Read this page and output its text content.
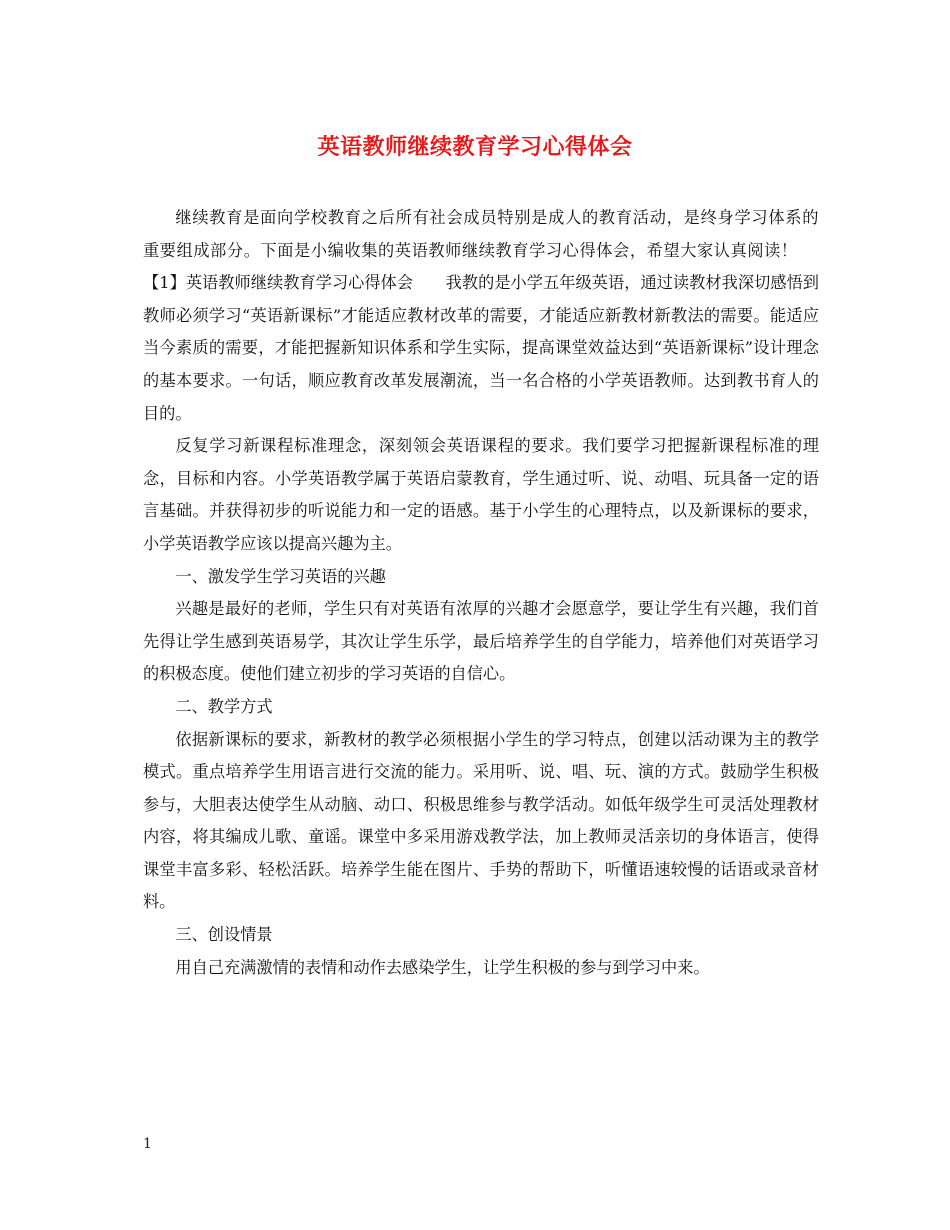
英语教师继续教育学习心得体会

继续教育是面向学校教育之后所有社会成员特别是成人的教育活动，是终身学习体系的重要组成部分。下面是小编收集的英语教师继续教育学习心得体会，希望大家认真阅读！

【1】英语教师继续教育学习心得体会　　我教的是小学五年级英语，通过读教材我深切感悟到教师必须学习“英语新课标”才能适应教材改革的需要，才能适应新教材新教法的需要。能适应当今素质的需要，才能把握新知识体系和学生实际，提高课堂效益达到“英语新课标”设计理念的基本要求。一句话，顺应教育改革发展潮流，当一名合格的小学英语教师。达到教书育人的目的。

反复学习新课程标准理念，深刻领会英语课程的要求。我们要学习把握新课程标准的理念，目标和内容。小学英语教学属于英语启蒙教育，学生通过听、说、动唱、玩具备一定的语言基础。并获得初步的听说能力和一定的语感。基于小学生的心理特点，以及新课标的要求，小学英语教学应该以提高兴趣为主。

一、激发学生学习英语的兴趣

兴趣是最好的老师，学生只有对英语有浓厚的兴趣才会愿意学，要让学生有兴趣，我们首先得让学生感到英语易学，其次让学生乐学，最后培养学生的自学能力，培养他们对英语学习的积极态度。使他们建立初步的学习英语的自信心。

二、教学方式

依据新课标的要求，新教材的教学必须根据小学生的学习特点，创建以活动课为主的教学模式。重点培养学生用语言进行交流的能力。采用听、说、唱、玩、演的方式。鼓励学生积极参与，大胆表达使学生从动脑、动口、积极思维参与教学活动。如低年级学生可灵活处理教材内容，将其编成儿歌、童谣。课堂中多采用游戏教学法，加上教师灵活亲切的身体语言，使得课堂丰富多彩、轻松活跃。培养学生能在图片、手势的帮助下，听懂语速较慢的话语或录音材料。

三、创设情景

用自己充满激情的表情和动作去感染学生，让学生积极的参与到学习中来。

1
